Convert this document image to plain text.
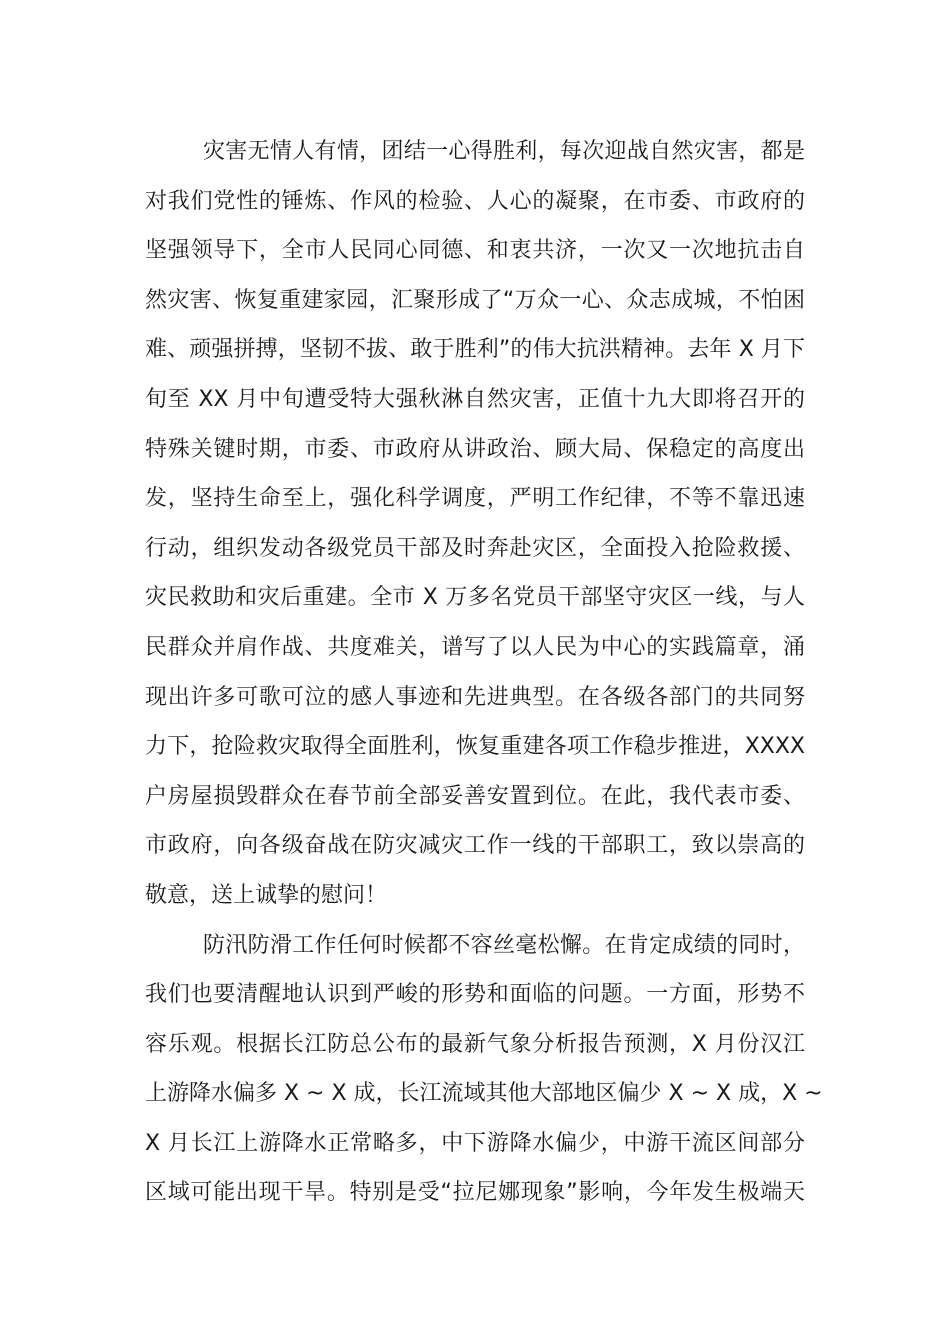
灾害无情人有情，团结一心得胜利，每次迎战自然灾害，都是
对我们党性的锤炼、作风的检验、人心的凝聚，在市委、市政府的
坚强领导下，全市人民同心同德、和衷共济，一次又一次地抗击自
然灾害、恢复重建家园，汇聚形成了“万众一心、众志成城，不怕困
难、顽强拼搏，坚韧不拔、敢于胜利”的伟大抗洪精神。去年 X 月下
旬至 XX 月中旬遭受特大强秋淋自然灾害，正值十九大即将召开的
特殊关键时期，市委、市政府从讲政治、顾大局、保稳定的高度出
发，坚持生命至上，强化科学调度，严明工作纪律，不等不靠迅速
行动，组织发动各级党员干部及时奔赴灾区，全面投入抢险救援、
灾民救助和灾后重建。全市 X 万多名党员干部坚守灾区一线，与人
民群众并肩作战、共度难关，谱写了以人民为中心的实践篇章，涌
现出许多可歌可泣的感人事迹和先进典型。在各级各部门的共同努
力下，抢险救灾取得全面胜利，恢复重建各项工作稳步推进，XXXX
户房屋损毁群众在春节前全部妥善安置到位。在此，我代表市委、
市政府，向各级奋战在防灾减灾工作一线的干部职工，致以崇高的
敬意，送上诚挚的慰问！
防汛防滑工作任何时候都不容丝毫松懈。在肯定成绩的同时，
我们也要清醒地认识到严峻的形势和面临的问题。一方面，形势不
容乐观。根据长江防总公布的最新气象分析报告预测，X 月份汉江
上游降水偏多 X ~ X 成，长江流域其他大部地区偏少 X ~ X 成，X ~
X 月长江上游降水正常略多，中下游降水偏少，中游干流区间部分
区域可能出现干旱。特别是受“拉尼娜现象”影响，今年发生极端天
